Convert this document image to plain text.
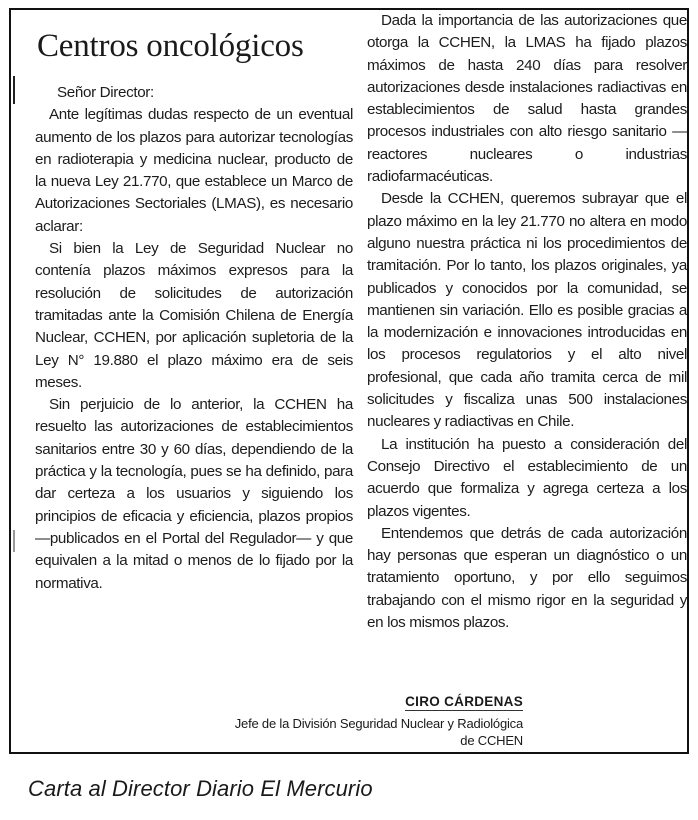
Centros oncológicos

Señor Director:

Ante legítimas dudas respecto de un eventual aumento de los plazos para autorizar tecnologías en radioterapia y medicina nuclear, producto de la nueva Ley 21.770, que establece un Marco de Autorizaciones Sectoriales (LMAS), es necesario aclarar:

Si bien la Ley de Seguridad Nuclear no contenía plazos máximos expresos para la resolución de solicitudes de autorización tramitadas ante la Comisión Chilena de Energía Nuclear, CCHEN, por aplicación supletoria de la Ley N° 19.880 el plazo máximo era de seis meses.

Sin perjuicio de lo anterior, la CCHEN ha resuelto las autorizaciones de establecimientos sanitarios entre 30 y 60 días, dependiendo de la práctica y la tecnología, pues se ha definido, para dar certeza a los usuarios y siguiendo los principios de eficacia y eficiencia, plazos propios —publicados en el Portal del Regulador— y que equivalen a la mitad o menos de lo fijado por la normativa.

Dada la importancia de las autorizaciones que otorga la CCHEN, la LMAS ha fijado plazos máximos de hasta 240 días para resolver autorizaciones desde instalaciones radiactivas en establecimientos de salud hasta grandes procesos industriales con alto riesgo sanitario —reactores nucleares o industrias radiofarmacéuticas.

Desde la CCHEN, queremos subrayar que el plazo máximo en la ley 21.770 no altera en modo alguno nuestra práctica ni los procedimientos de tramitación. Por lo tanto, los plazos originales, ya publicados y conocidos por la comunidad, se mantienen sin variación. Ello es posible gracias a la modernización e innovaciones introducidas en los procesos regulatorios y el alto nivel profesional, que cada año tramita cerca de mil solicitudes y fiscaliza unas 500 instalaciones nucleares y radiactivas en Chile.

La institución ha puesto a consideración del Consejo Directivo el establecimiento de un acuerdo que formaliza y agrega certeza a los plazos vigentes.

Entendemos que detrás de cada autorización hay personas que esperan un diagnóstico o un tratamiento oportuno, y por ello seguimos trabajando con el mismo rigor en la seguridad y en los mismos plazos.

CIRO CÁRDENAS
Jefe de la División Seguridad Nuclear y Radiológica
de CCHEN
Carta al Director Diario El Mercurio
